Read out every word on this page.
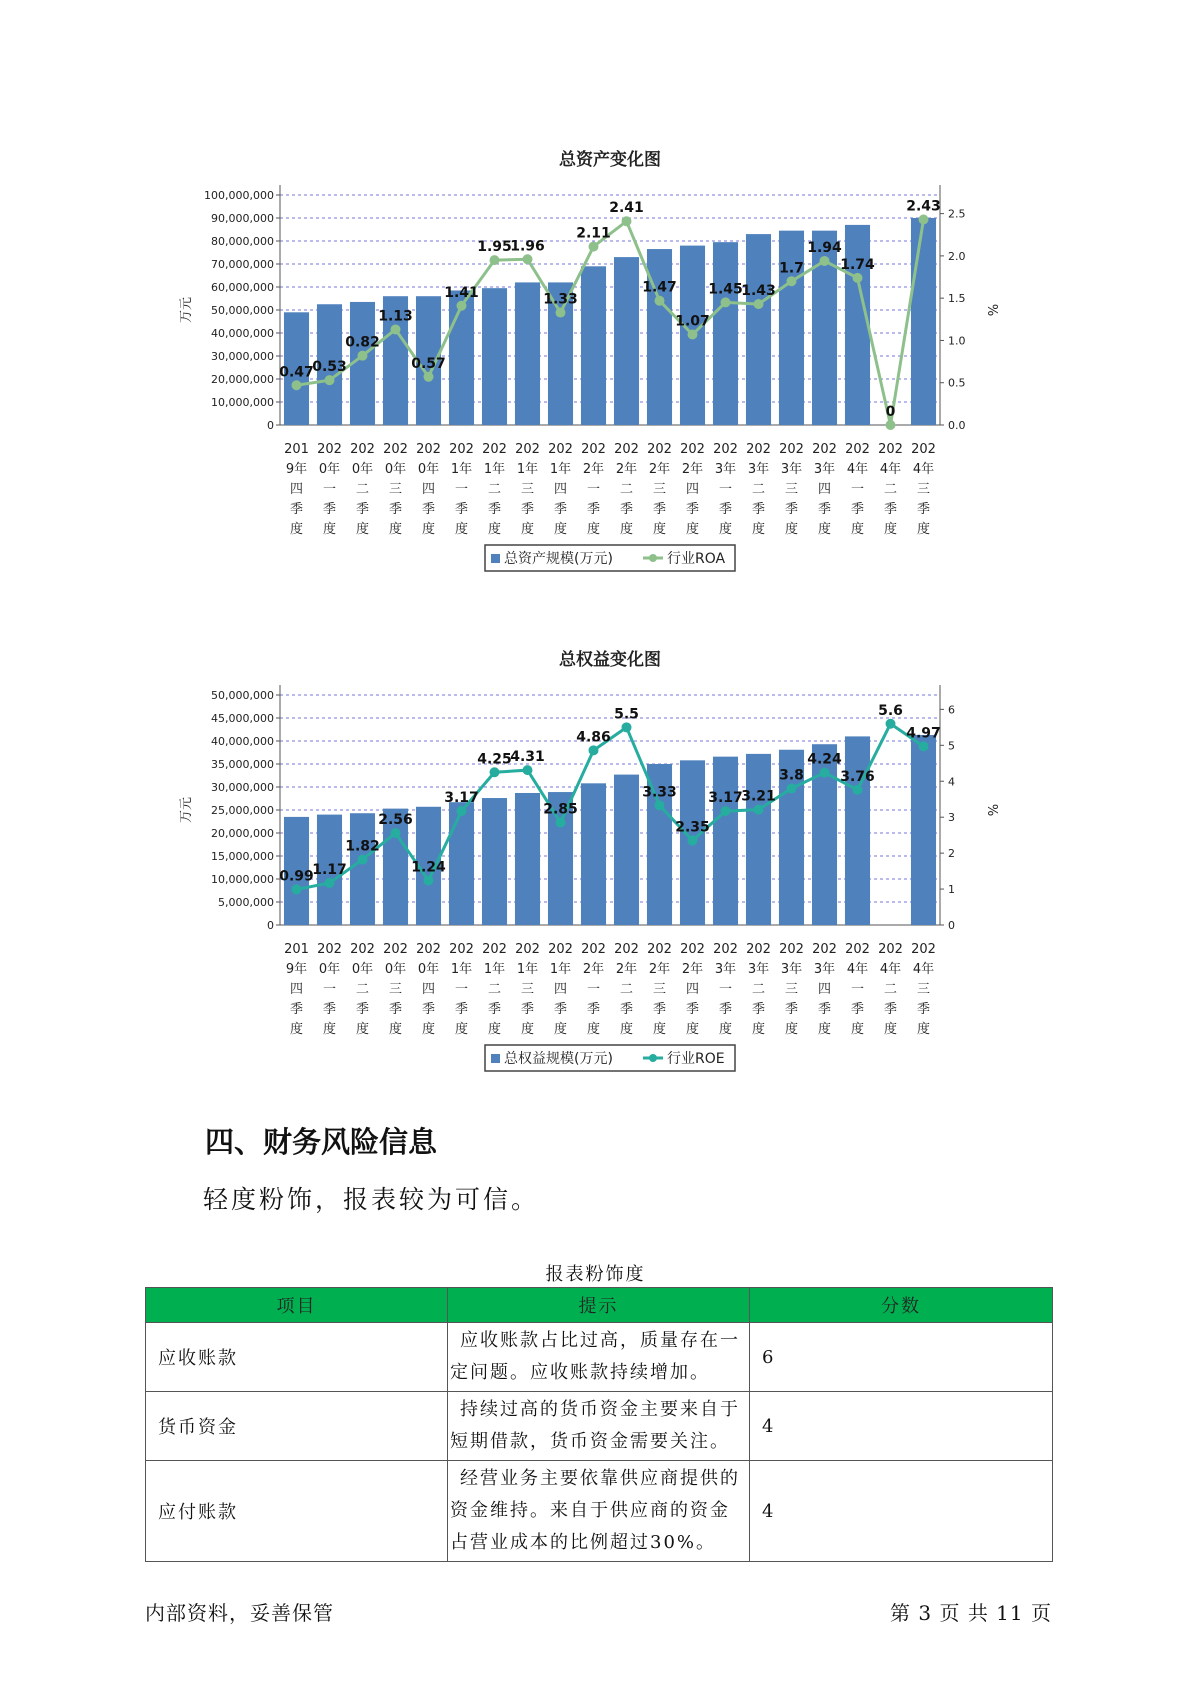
总资产变化图
0
10,000,000
20,000,000
30,000,000
40,000,000
50,000,000
60,000,000
70,000,000
80,000,000
90,000,000
100,000,000
0.0
0.5
1.0
1.5
2.0
2.5
万元	%
0.47
0.53
0.82
1.13
0.57
1.41
1.95
1.96
1.33
2.11
2.41
1.47
1.07
1.45
1.43
1.7
1.94
1.74
0
2.43
201
9年
四
季
度
202
0年
一
季
度
202
0年
二
季
度
202
0年
三
季
度
202
0年
四
季
度
202
1年
一
季
度
202
1年
二
季
度
202
1年
三
季
度
202
1年
四
季
度
202
2年
一
季
度
202
2年
二
季
度
202
2年
三
季
度
202
2年
四
季
度
202
3年
一
季
度
202
3年
二
季
度
202
3年
三
季
度
202
3年
四
季
度
202
4年
一
季
度
202
4年
二
季
度
202
4年
三
季
度
总资产规模(万元)	行业ROA
总权益变化图
0
5,000,000
10,000,000
15,000,000
20,000,000
25,000,000
30,000,000
35,000,000
40,000,000
45,000,000
50,000,000
0
1
2
3
4
5
6
万元	%
0.99
1.17
1.82
2.56
1.24
3.17
4.25
4.31
2.85
4.86
5.5
3.33
2.35
3.17
3.21
3.8
4.24
3.76
5.6
4.97
201
9年
四
季
度
202
0年
一
季
度
202
0年
二
季
度
202
0年
三
季
度
202
0年
四
季
度
202
1年
一
季
度
202
1年
二
季
度
202
1年
三
季
度
202
1年
四
季
度
202
2年
一
季
度
202
2年
二
季
度
202
2年
三
季
度
202
2年
四
季
度
202
3年
一
季
度
202
3年
二
季
度
202
3年
三
季
度
202
3年
四
季
度
202
4年
一
季
度
202
4年
二
季
度
202
4年
三
季
度
总权益规模(万元)	行业ROE
四、财务风险信息

轻度粉饰，报表较为可信。

报表粉饰度
项目	提示	分数
应收账款	应收账款占比过高，质量存在一定问题。应收账款持续增加。	6
货币资金	持续过高的货币资金主要来自于短期借款，货币资金需要关注。	4
应付账款	经营业务主要依靠供应商提供的资金维持。来自于供应商的资金占营业成本的比例超过30%。	4
内部资料，妥善保管	第 3 页 共 11 页
